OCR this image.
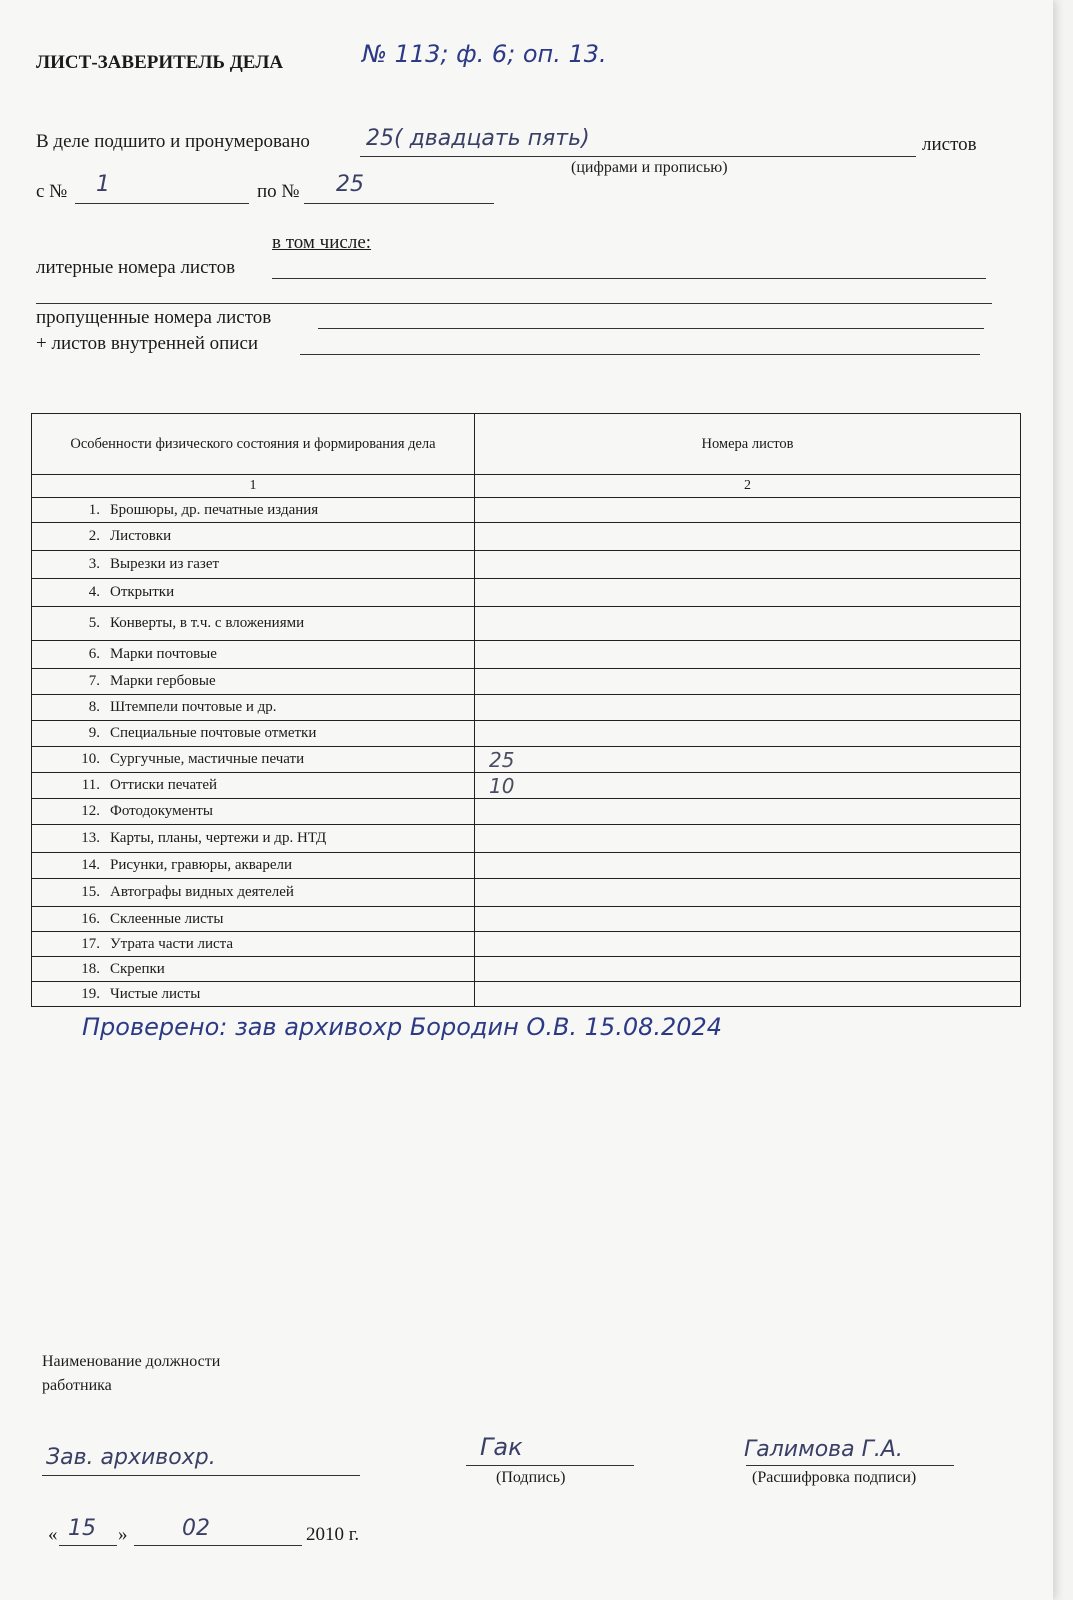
ЛИСТ-ЗАВЕРИТЕЛЬ ДЕЛА	№ 113; ф. 6; оп. 13.
В деле подшито и пронумеровано	25( двадцать пять)	листов
(цифрами и прописью)
с № 1	по № 25
в том числе:
литерные номера листов
пропущенные номера листов
+ листов внутренней описи
Особенности физического состояния и формирования дела	Номера листов
1	2
1. Брошюры, др. печатные издания	
2. Листовки	
3. Вырезки из газет	
4. Открытки	
5. Конверты, в т.ч. с вложениями	
6. Марки почтовые	
7. Марки гербовые	
8. Штемпели почтовые и др.	
9. Специальные почтовые отметки	
10. Сургучные, мастичные печати	25
11. Оттиски печатей	10
12. Фотодокументы	
13. Карты, планы, чертежи и др. НТД	
14. Рисунки, гравюры, акварели	
15. Автографы видных деятелей	
16. Склеенные листы	
17. Утрата части листа	
18. Скрепки	
19. Чистые листы	
Проверено: зав архивохр Бородин О.В. 15.08.2024
Наименование должности
работника
Зав. архивохр.	Гак
(Подпись)
Галимова Г.А.
(Расшифровка подписи)
« 15 » 02	2010 г.
